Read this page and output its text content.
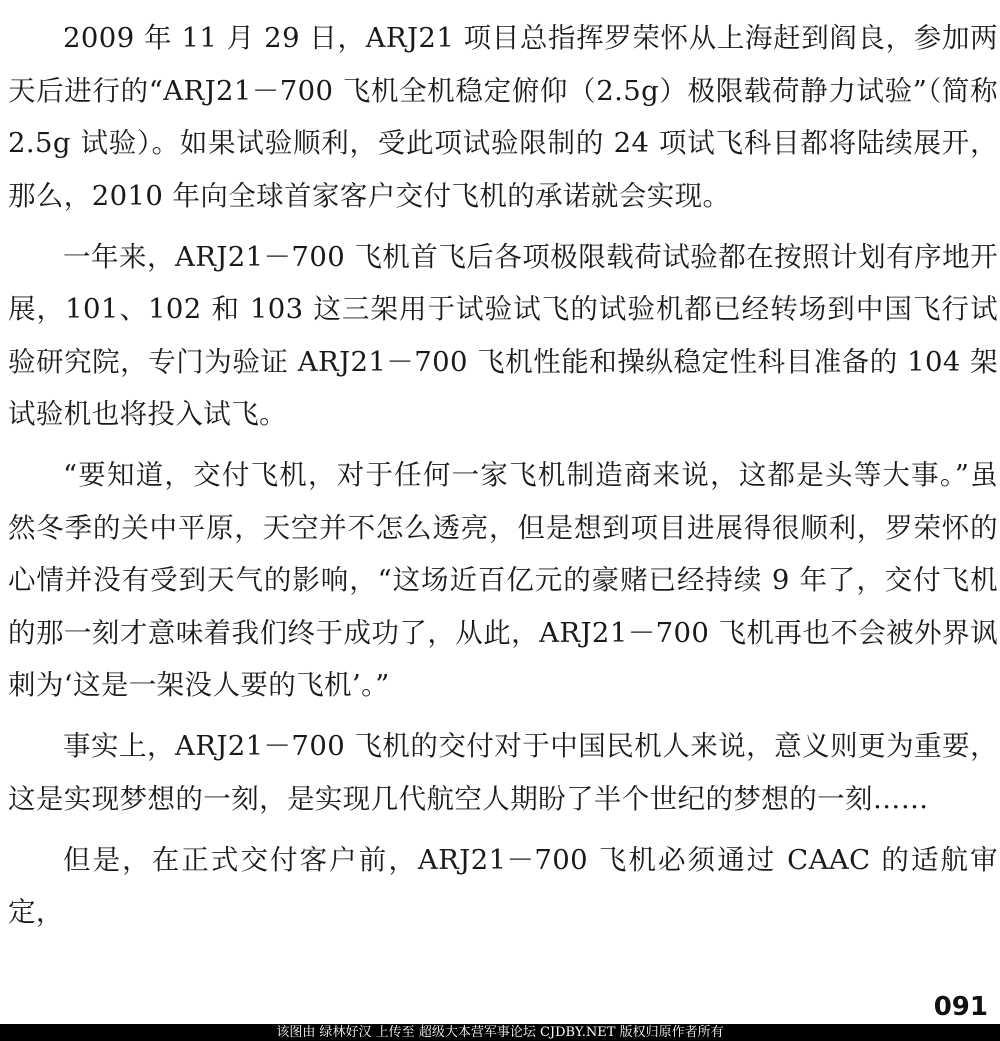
2009 年 11 月 29 日，ARJ21 项目总指挥罗荣怀从上海赶到阎良，参加两天后进行的“ARJ21－700 飞机全机稳定俯仰（2.5g）极限载荷静力试验”（简称 2.5g 试验）。如果试验顺利，受此项试验限制的 24 项试飞科目都将陆续展开，那么，2010 年向全球首家客户交付飞机的承诺就会实现。

一年来，ARJ21－700 飞机首飞后各项极限载荷试验都在按照计划有序地开展，101、102 和 103 这三架用于试验试飞的试验机都已经转场到中国飞行试验研究院，专门为验证 ARJ21－700 飞机性能和操纵稳定性科目准备的 104 架试验机也将投入试飞。

“要知道，交付飞机，对于任何一家飞机制造商来说，这都是头等大事。”虽然冬季的关中平原，天空并不怎么透亮，但是想到项目进展得很顺利，罗荣怀的心情并没有受到天气的影响，“这场近百亿元的豪赌已经持续 9 年了，交付飞机的那一刻才意味着我们终于成功了，从此，ARJ21－700 飞机再也不会被外界讽刺为‘这是一架没人要的飞机’。”

事实上，ARJ21－700 飞机的交付对于中国民机人来说，意义则更为重要，这是实现梦想的一刻，是实现几代航空人期盼了半个世纪的梦想的一刻……

但是，在正式交付客户前，ARJ21－700 飞机必须通过 CAAC 的适航审定，

091
该图由 绿林好汉 上传至 超级大本营军事论坛 CJDBY.NET 版权归原作者所有
